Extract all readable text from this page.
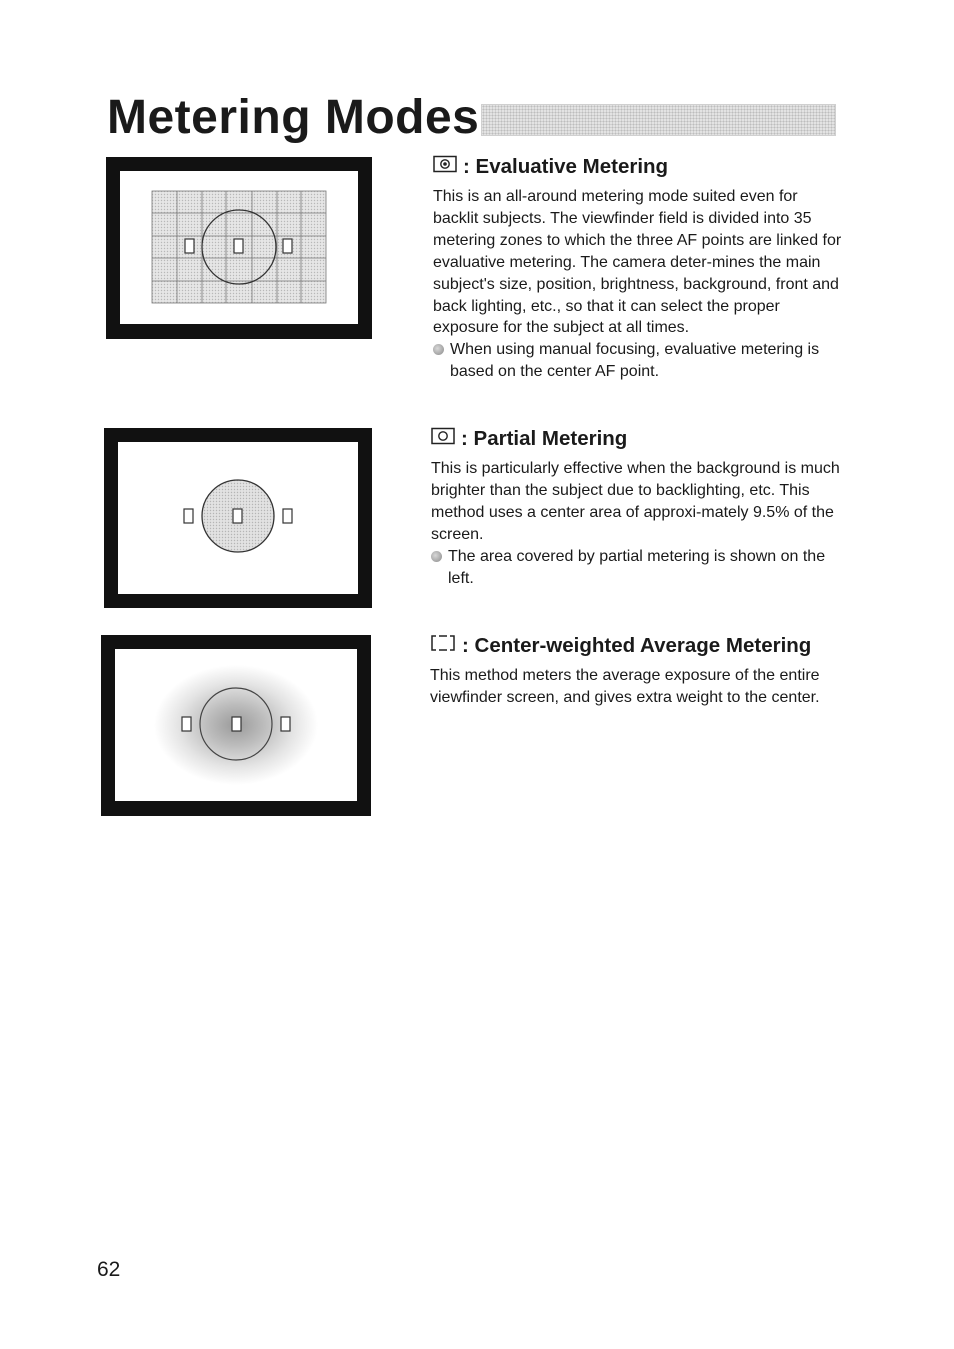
Metering Modes
: Evaluative Metering

This is an all-around metering mode suited even for backlit subjects. The viewfinder field is divided into 35 metering zones to which the three AF points are linked for evaluative metering. The camera deter-mines the main subject's size, position, brightness, background, front and back lighting, etc., so that it can select the proper exposure for the subject at all times.

When using manual focusing, evaluative metering is based on the center AF point.
: Partial Metering

This is particularly effective when the background is much brighter than the subject due to backlighting, etc. This method uses a center area of approxi-mately 9.5% of the screen.

The area covered by partial metering is shown on the left.
: Center-weighted Average Metering

This method meters the average exposure of the entire viewfinder screen, and gives extra weight to the center.

62
